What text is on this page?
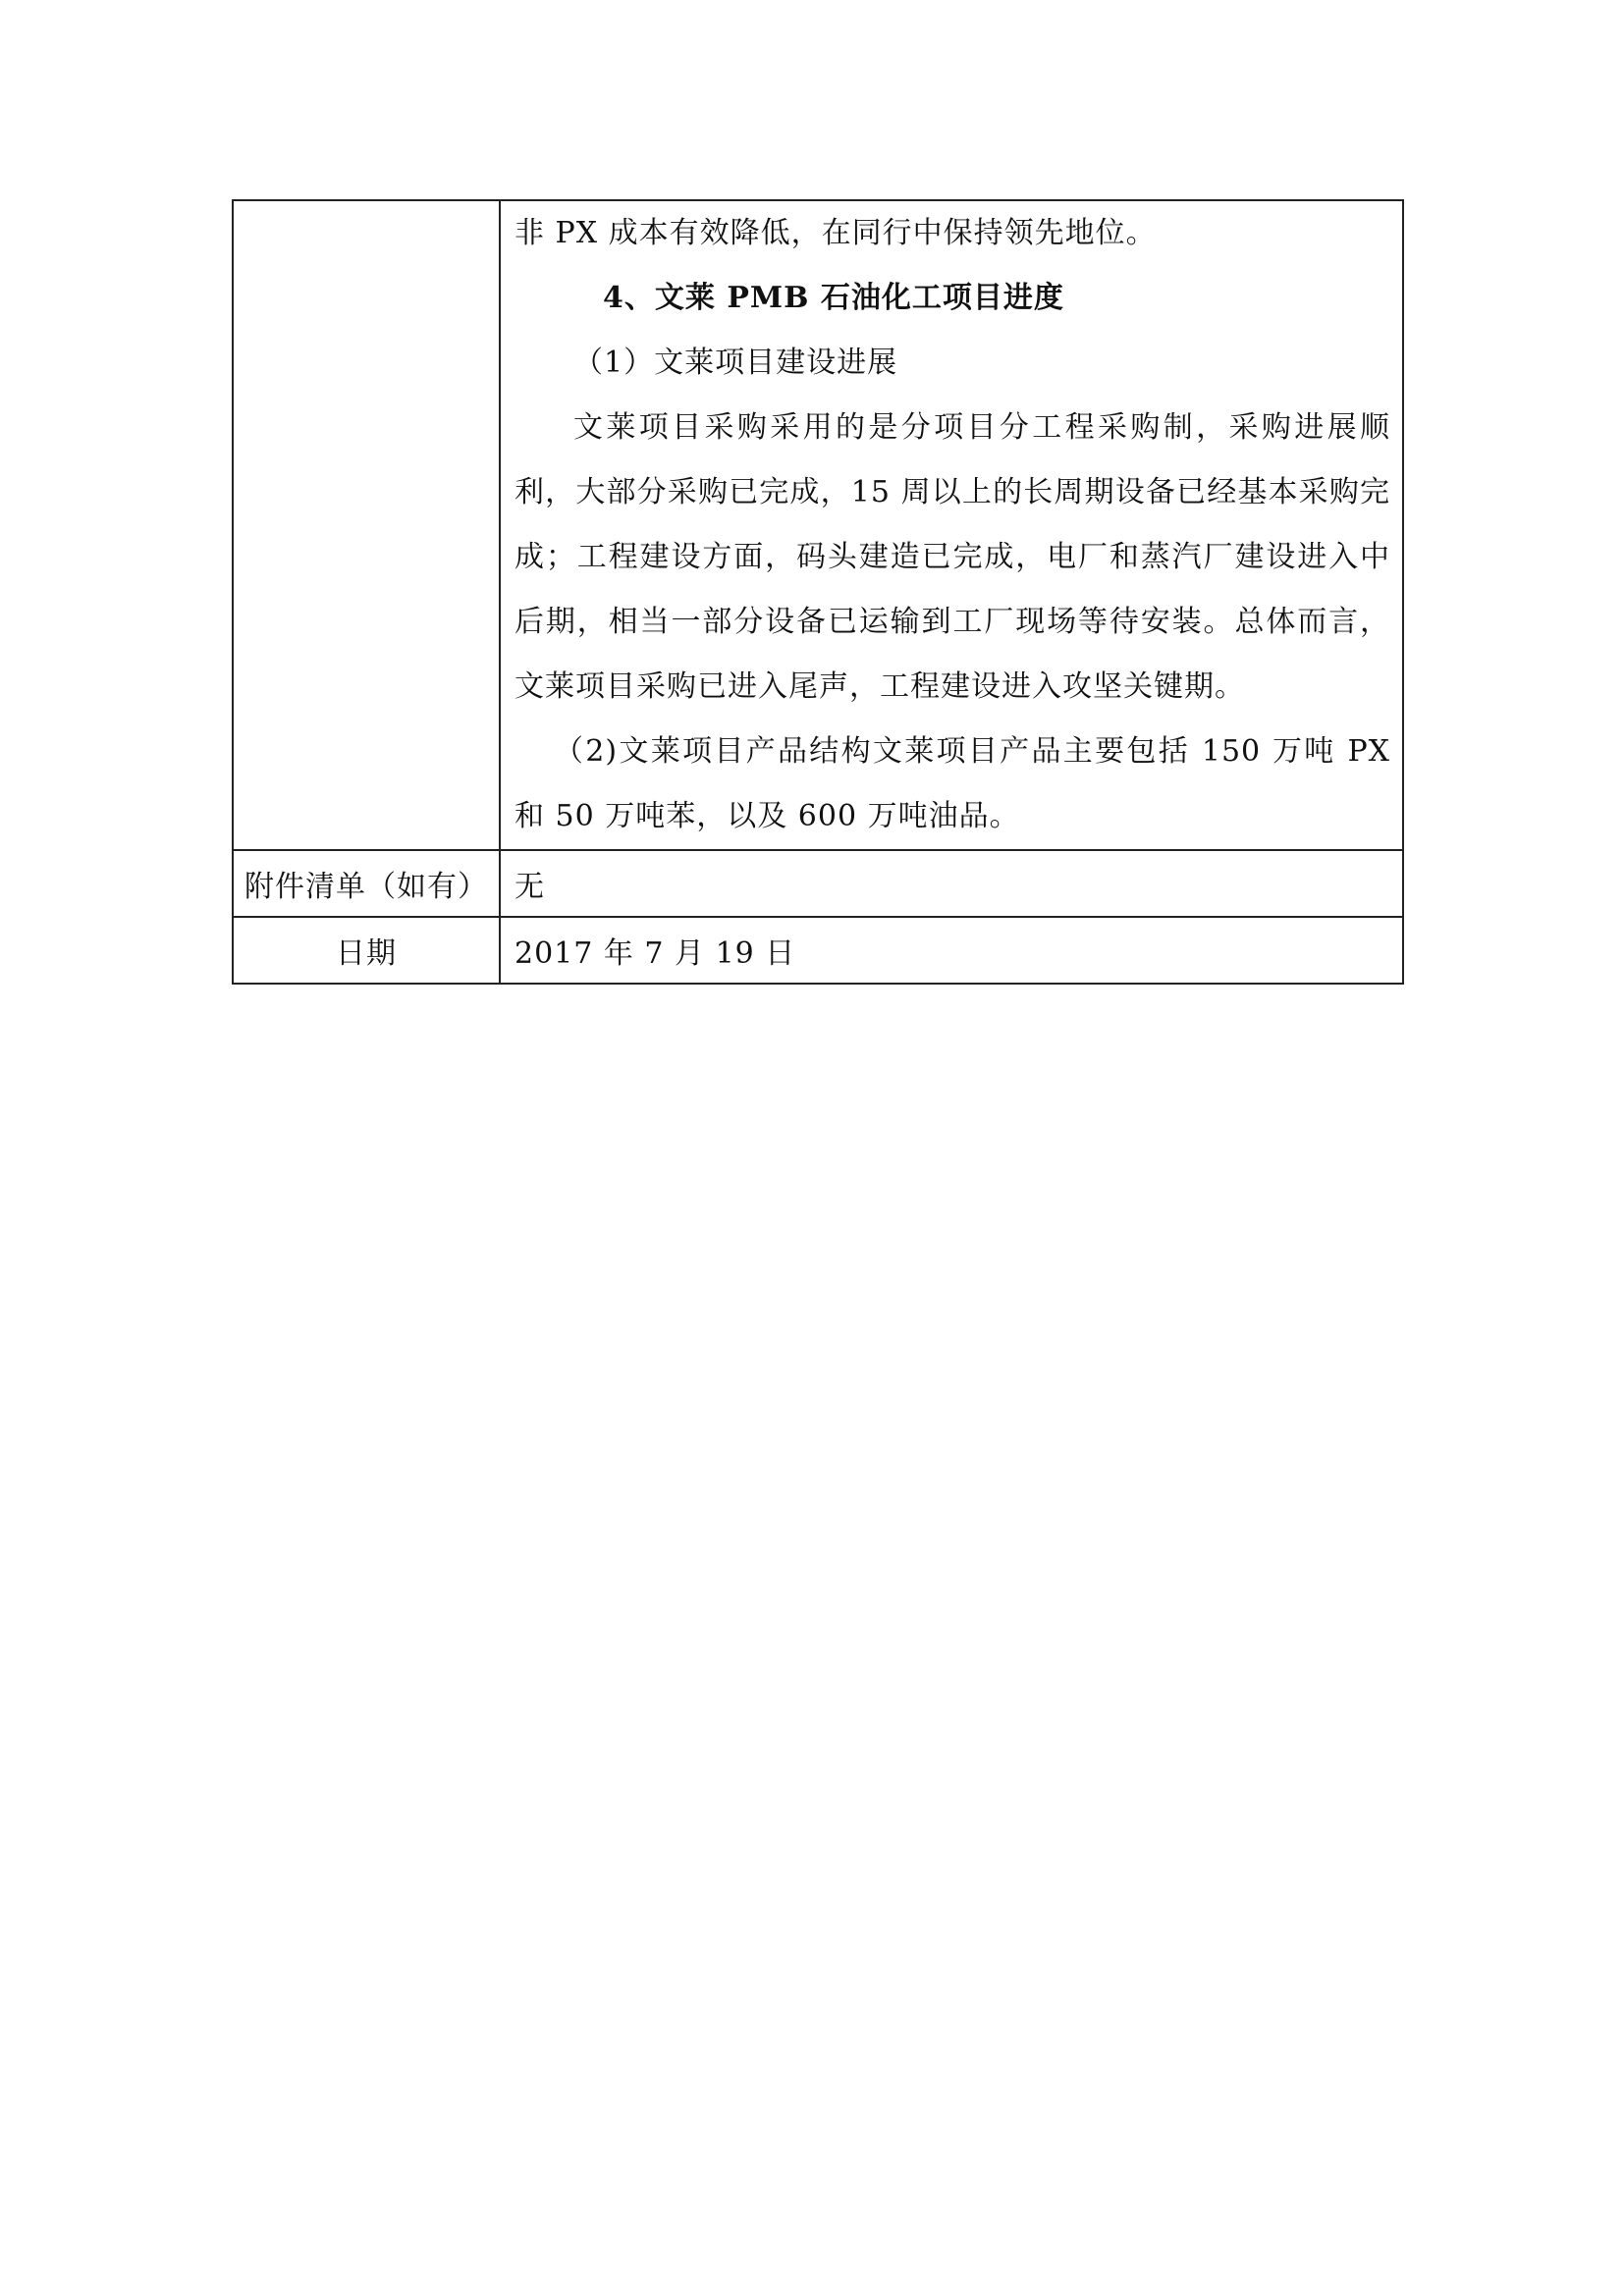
	非 PX 成本有效降低，在同行中保持领先地位。

4、文莱 PMB 石油化工项目进度

（1）文莱项目建设进展

文莱项目采购采用的是分项目分工程采购制，采购进展顺利，大部分采购已完成，15 周以上的长周期设备已经基本采购完成；工程建设方面，码头建造已完成，电厂和蒸汽厂建设进入中后期，相当一部分设备已运输到工厂现场等待安装。总体而言，文莱项目采购已进入尾声，工程建设进入攻坚关键期。

（2)文莱项目产品结构文莱项目产品主要包括 150 万吨 PX 和 50 万吨苯，以及 600 万吨油品。

附件清单（如有）	无
日期	2017 年 7 月 19 日
